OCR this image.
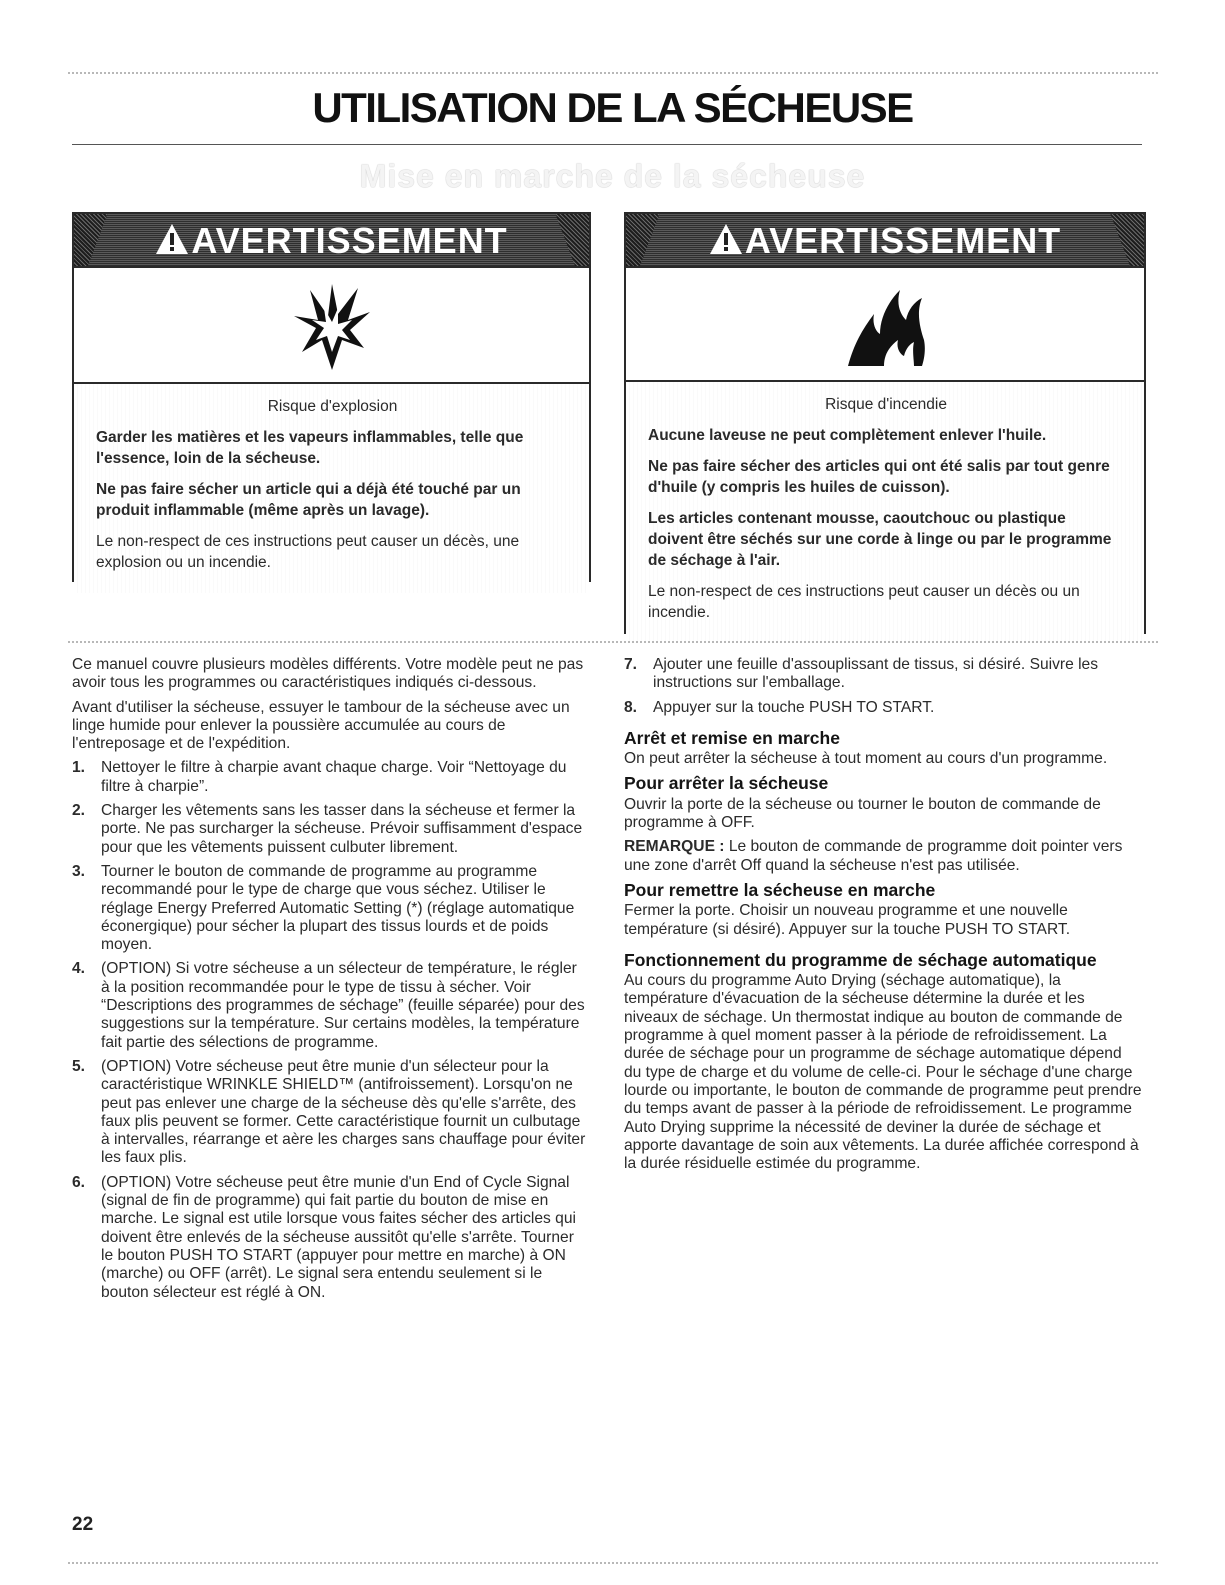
UTILISATION DE LA SÉCHEUSE
Mise en marche de la sécheuse
AVERTISSEMENT
Risque d'explosion

Garder les matières et les vapeurs inflammables, telle que l'essence, loin de la sécheuse.

Ne pas faire sécher un article qui a déjà été touché par un produit inflammable (même après un lavage).

Le non-respect de ces instructions peut causer un décès, une explosion ou un incendie.

AVERTISSEMENT
Risque d'incendie

Aucune laveuse ne peut complètement enlever l'huile.

Ne pas faire sécher des articles qui ont été salis par tout genre d'huile (y compris les huiles de cuisson).

Les articles contenant mousse, caoutchouc ou plastique doivent être séchés sur une corde à linge ou par le programme de séchage à l'air.

Le non-respect de ces instructions peut causer un décès ou un incendie.

Ce manuel couvre plusieurs modèles différents. Votre modèle peut ne pas avoir tous les programmes ou caractéristiques indiqués ci-dessous.

Avant d'utiliser la sécheuse, essuyer le tambour de la sécheuse avec un linge humide pour enlever la poussière accumulée au cours de l'entreposage et de l'expédition.

1. Nettoyer le filtre à charpie avant chaque charge. Voir “Nettoyage du filtre à charpie”.
2. Charger les vêtements sans les tasser dans la sécheuse et fermer la porte. Ne pas surcharger la sécheuse. Prévoir suffisamment d'espace pour que les vêtements puissent culbuter librement.
3. Tourner le bouton de commande de programme au programme recommandé pour le type de charge que vous séchez. Utiliser le réglage Energy Preferred Automatic Setting (*) (réglage automatique éconergique) pour sécher la plupart des tissus lourds et de poids moyen.
4. (OPTION) Si votre sécheuse a un sélecteur de température, le régler à la position recommandée pour le type de tissu à sécher. Voir “Descriptions des programmes de séchage” (feuille séparée) pour des suggestions sur la température. Sur certains modèles, la température fait partie des sélections de programme.
5. (OPTION) Votre sécheuse peut être munie d'un sélecteur pour la caractéristique WRINKLE SHIELD™ (antifroissement). Lorsqu'on ne peut pas enlever une charge de la sécheuse dès qu'elle s'arrête, des faux plis peuvent se former. Cette caractéristique fournit un culbutage à intervalles, réarrange et aère les charges sans chauffage pour éviter les faux plis.
6. (OPTION) Votre sécheuse peut être munie d'un End of Cycle Signal (signal de fin de programme) qui fait partie du bouton de mise en marche. Le signal est utile lorsque vous faites sécher des articles qui doivent être enlevés de la sécheuse aussitôt qu'elle s'arrête. Tourner le bouton PUSH TO START (appuyer pour mettre en marche) à ON (marche) ou OFF (arrêt). Le signal sera entendu seulement si le bouton sélecteur est réglé à ON.
7. Ajouter une feuille d'assouplissant de tissus, si désiré. Suivre les instructions sur l'emballage.
8. Appuyer sur la touche PUSH TO START.
Arrêt et remise en marche

On peut arrêter la sécheuse à tout moment au cours d'un programme.

Pour arrêter la sécheuse

Ouvrir la porte de la sécheuse ou tourner le bouton de commande de programme à OFF.

REMARQUE : Le bouton de commande de programme doit pointer vers une zone d'arrêt Off quand la sécheuse n'est pas utilisée.

Pour remettre la sécheuse en marche

Fermer la porte. Choisir un nouveau programme et une nouvelle température (si désiré). Appuyer sur la touche PUSH TO START.

Fonctionnement du programme de séchage automatique

Au cours du programme Auto Drying (séchage automatique), la température d'évacuation de la sécheuse détermine la durée et les niveaux de séchage. Un thermostat indique au bouton de commande de programme à quel moment passer à la période de refroidissement. La durée de séchage pour un programme de séchage automatique dépend du type de charge et du volume de celle-ci. Pour le séchage d'une charge lourde ou importante, le bouton de commande de programme peut prendre du temps avant de passer à la période de refroidissement. Le programme Auto Drying supprime la nécessité de deviner la durée de séchage et apporte davantage de soin aux vêtements. La durée affichée correspond à la durée résiduelle estimée du programme.

22
